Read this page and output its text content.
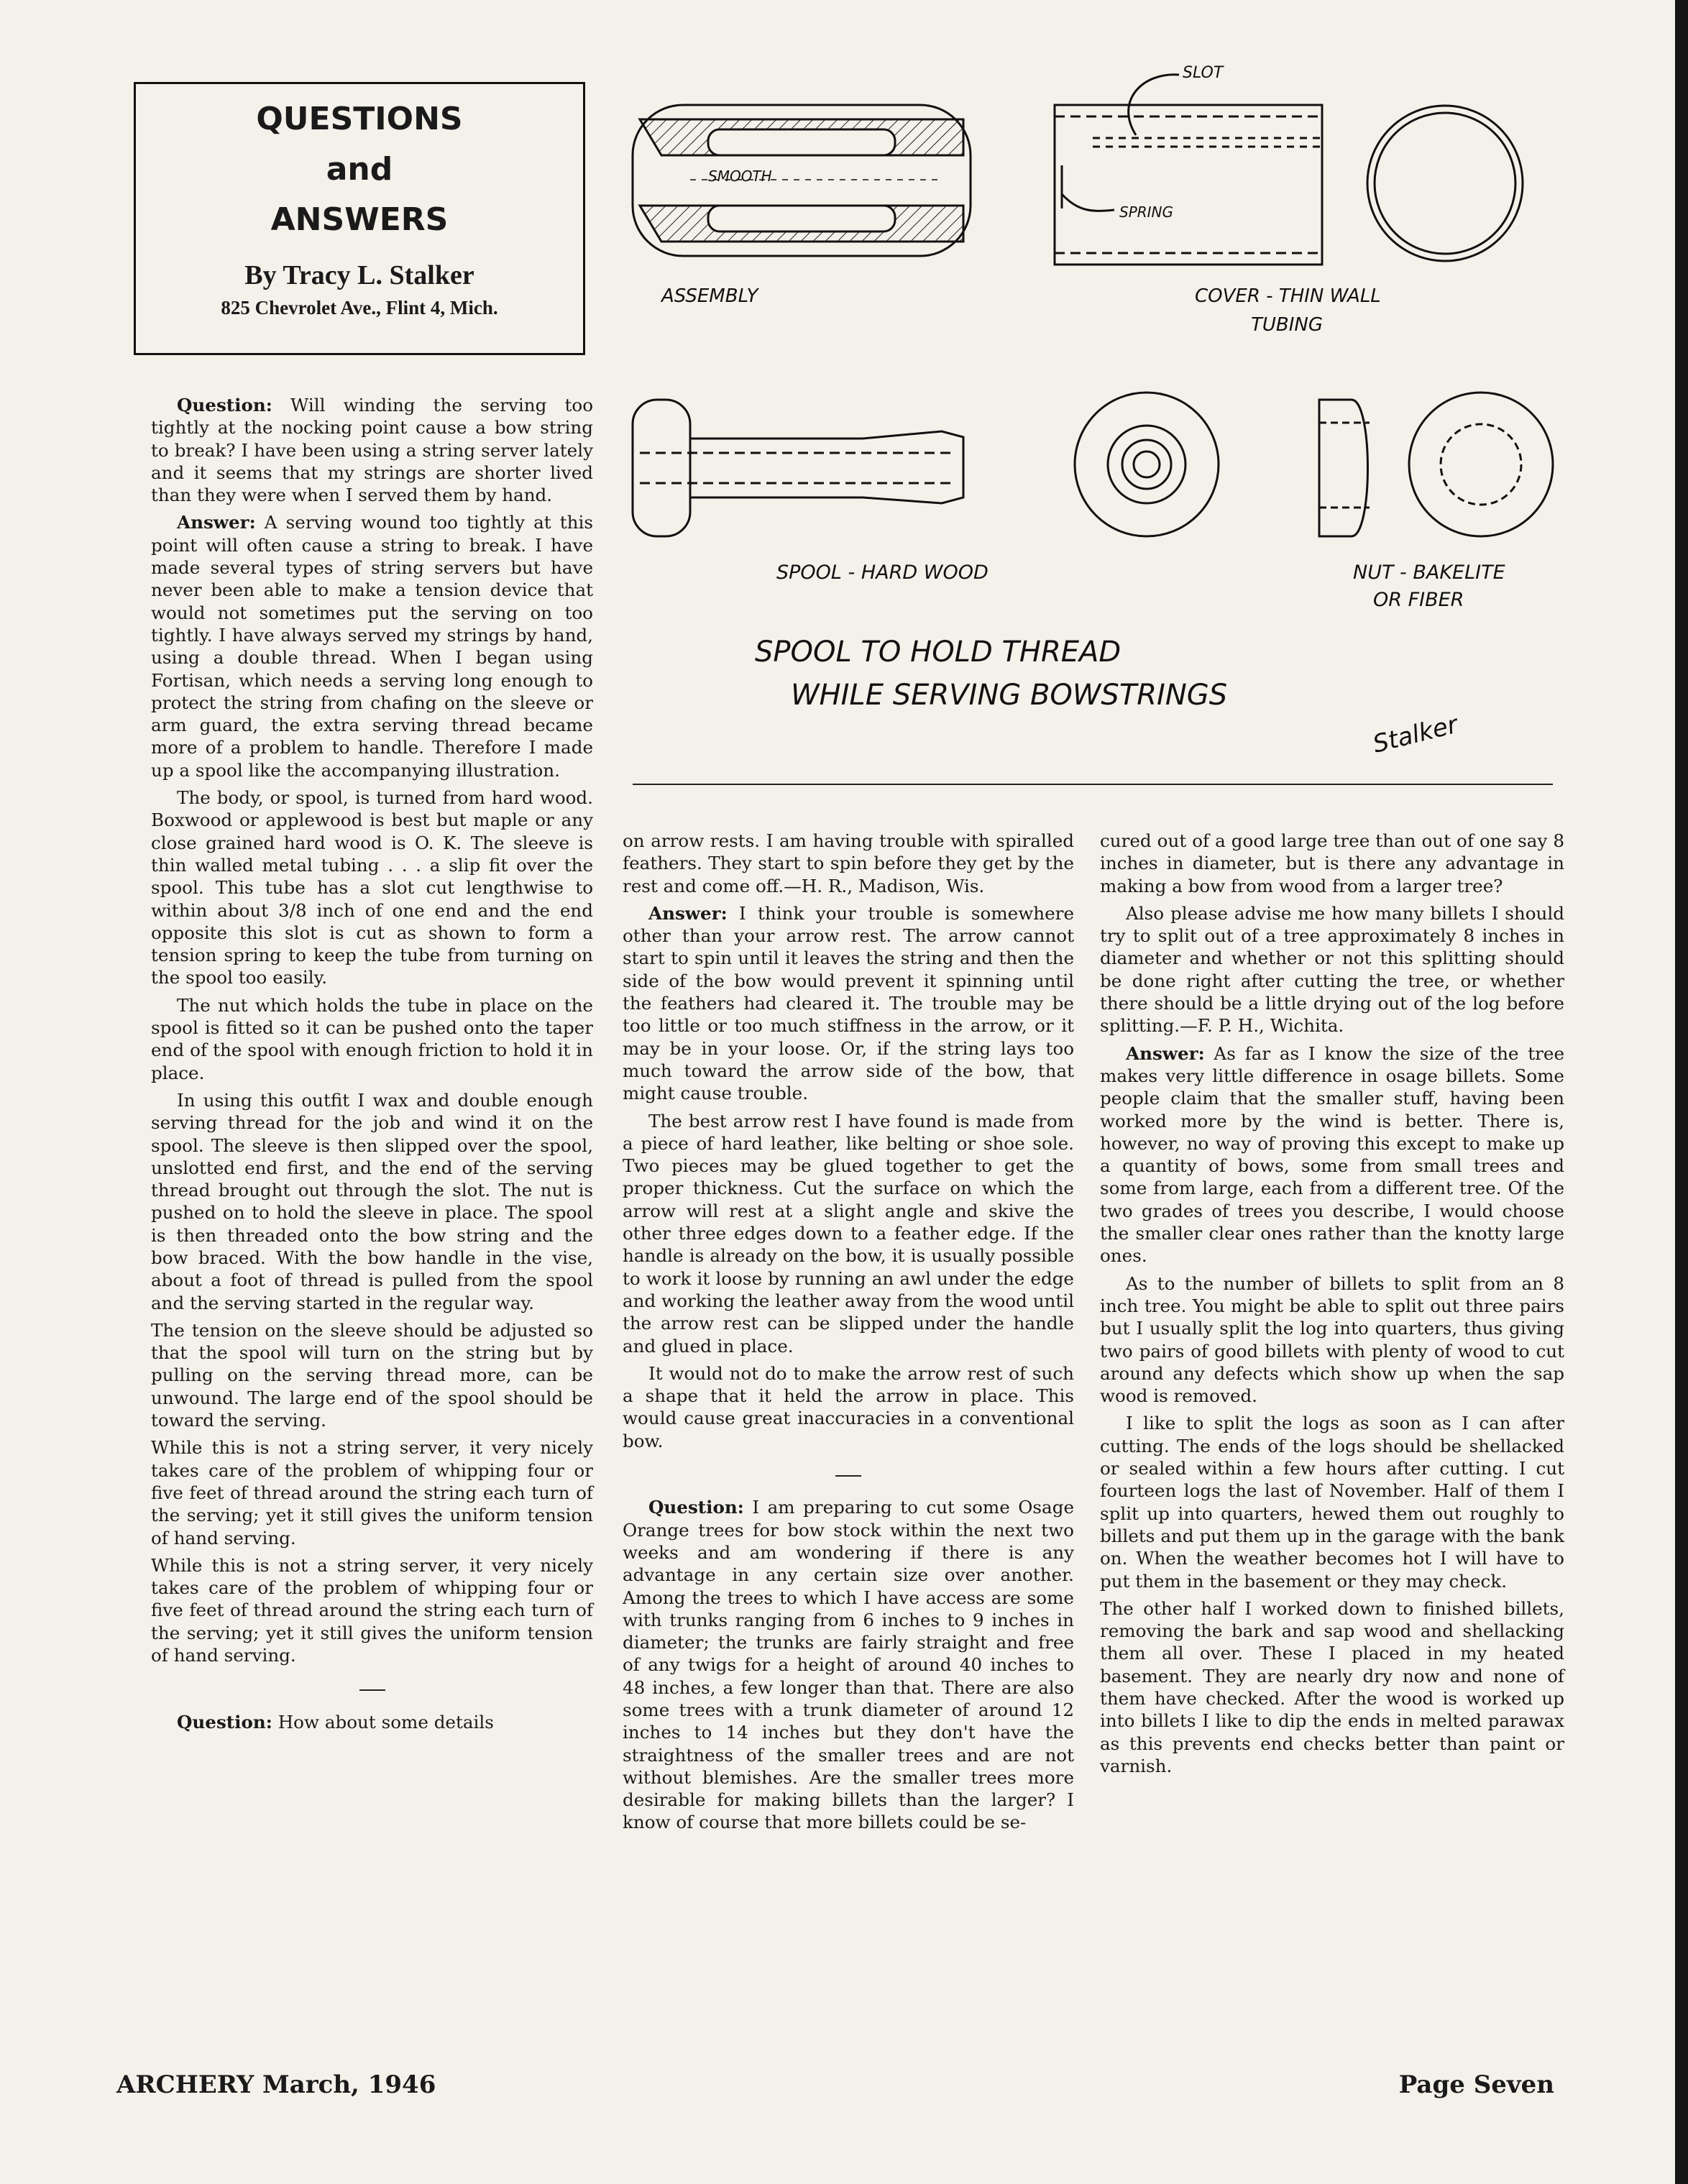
QUESTIONS
and
ANSWERS
By Tracy L. Stalker
825 Chevrolet Ave., Flint 4, Mich.
SMOOTH
ASSEMBLY
SLOT
SPRING
COVER - THIN WALL
TUBING
SPOOL - HARD WOOD	NUT - BAKELITE
OR FIBER
SPOOL TO HOLD THREAD
WHILE SERVING BOWSTRINGS
Stalker

Question: Will winding the serving too tightly at the nocking point cause a bow string to break? I have been using a string server lately and it seems that my strings are shorter lived than they were when I served them by hand.

Answer: A serving wound too tightly at this point will often cause a string to break. I have made several types of string servers but have never been able to make a tension device that would not sometimes put the serving on too tightly. I have always served my strings by hand, using a double thread. When I began using Fortisan, which needs a serving long enough to protect the string from chafing on the sleeve or arm guard, the extra serving thread became more of a problem to handle. Therefore I made up a spool like the accompanying illustration.

The body, or spool, is turned from hard wood. Boxwood or applewood is best but maple or any close grained hard wood is O. K. The sleeve is thin walled metal tubing . . . a slip fit over the spool. This tube has a slot cut lengthwise to within about 3/8 inch of one end and the end opposite this slot is cut as shown to form a tension spring to keep the tube from turning on the spool too easily.

The nut which holds the tube in place on the spool is fitted so it can be pushed onto the taper end of the spool with enough friction to hold it in place.

In using this outfit I wax and double enough serving thread for the job and wind it on the spool. The sleeve is then slipped over the spool, unslotted end first, and the end of the serving thread brought out through the slot. The nut is pushed on to hold the sleeve in place. The spool is then threaded onto the bow string and the bow braced. With the bow handle in the vise, about a foot of thread is pulled from the spool and the serving started in the regular way.

The tension on the sleeve should be adjusted so that the spool will turn on the string but by pulling on the serving thread more, can be unwound. The large end of the spool should be toward the serving.

While this is not a string server, it very nicely takes care of the problem of whipping four or five feet of thread around the string each turn of the serving; yet it still gives the uniform tension of hand serving.

While this is not a string server, it very nicely takes care of the problem of whipping four or five feet of thread around the string each turn of the serving; yet it still gives the uniform tension of hand serving.

Question: How about some details

on arrow rests. I am having trouble with spiralled feathers. They start to spin before they get by the rest and come off.—H. R., Madison, Wis.

Answer: I think your trouble is somewhere other than your arrow rest. The arrow cannot start to spin until it leaves the string and then the side of the bow would prevent it spinning until the feathers had cleared it. The trouble may be too little or too much stiffness in the arrow, or it may be in your loose. Or, if the string lays too much toward the arrow side of the bow, that might cause trouble.

The best arrow rest I have found is made from a piece of hard leather, like belting or shoe sole. Two pieces may be glued together to get the proper thickness. Cut the surface on which the arrow will rest at a slight angle and skive the other three edges down to a feather edge. If the handle is already on the bow, it is usually possible to work it loose by running an awl under the edge and working the leather away from the wood until the arrow rest can be slipped under the handle and glued in place.

It would not do to make the arrow rest of such a shape that it held the arrow in place. This would cause great inaccuracies in a conventional bow.

Question: I am preparing to cut some Osage Orange trees for bow stock within the next two weeks and am wondering if there is any advantage in any certain size over another. Among the trees to which I have access are some with trunks ranging from 6 inches to 9 inches in diameter; the trunks are fairly straight and free of any twigs for a height of around 40 inches to 48 inches, a few longer than that. There are also some trees with a trunk diameter of around 12 inches to 14 inches but they don't have the straightness of the smaller trees and are not without blemishes. Are the smaller trees more desirable for making billets than the larger? I know of course that more billets could be se-

cured out of a good large tree than out of one say 8 inches in diameter, but is there any advantage in making a bow from wood from a larger tree?

Also please advise me how many billets I should try to split out of a tree approximately 8 inches in diameter and whether or not this splitting should be done right after cutting the tree, or whether there should be a little drying out of the log before splitting.—F. P. H., Wichita.

Answer: As far as I know the size of the tree makes very little difference in osage billets. Some people claim that the smaller stuff, having been worked more by the wind is better. There is, however, no way of proving this except to make up a quantity of bows, some from small trees and some from large, each from a different tree. Of the two grades of trees you describe, I would choose the smaller clear ones rather than the knotty large ones.

As to the number of billets to split from an 8 inch tree. You might be able to split out three pairs but I usually split the log into quarters, thus giving two pairs of good billets with plenty of wood to cut around any defects which show up when the sap wood is removed.

I like to split the logs as soon as I can after cutting. The ends of the logs should be shellacked or sealed within a few hours after cutting. I cut fourteen logs the last of November. Half of them I split up into quarters, hewed them out roughly to billets and put them up in the garage with the bank on. When the weather becomes hot I will have to put them in the basement or they may check.

The other half I worked down to finished billets, removing the bark and sap wood and shellacking them all over. These I placed in my heated basement. They are nearly dry now and none of them have checked. After the wood is worked up into billets I like to dip the ends in melted parawax as this prevents end checks better than paint or varnish.

ARCHERY March, 1946	Page Seven
